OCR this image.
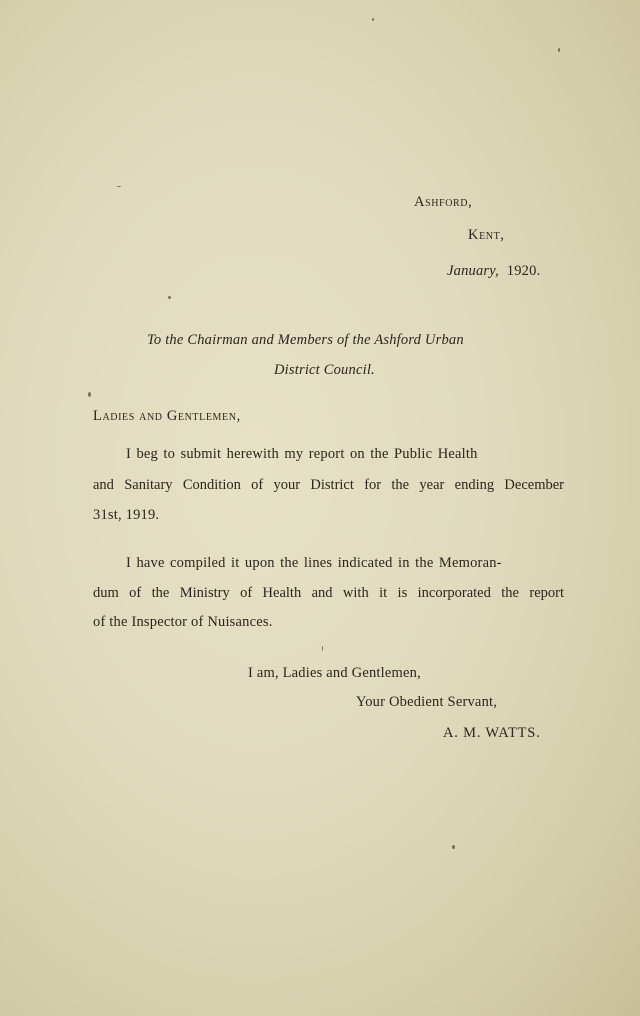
Ashford,
Kent,
January, 1920.
To the Chairman and Members of the Ashford Urban
District Council.
Ladies and Gentlemen,
I beg to submit herewith my report on the Public Health
and Sanitary Condition of your District for the year ending December
31st, 1919.
I have compiled it upon the lines indicated in the Memoran-
dum of the Ministry of Health and with it is incorporated the report
of the Inspector of Nuisances.
I am, Ladies and Gentlemen,
Your Obedient Servant,
A. M. WATTS.
